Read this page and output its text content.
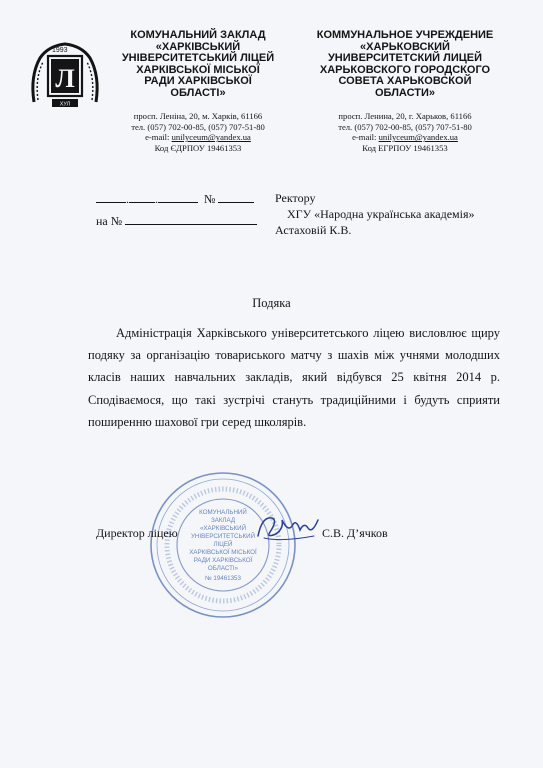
Л
1993
ХУЛ

КОМУНАЛЬНИЙ ЗАКЛАД
«ХАРКІВСЬКИЙ
УНІВЕРСИТЕТСЬКИЙ ЛІЦЕЙ
ХАРКІВСЬКОЇ МІСЬКОЇ
РАДИ ХАРКІВСЬКОЇ
ОБЛАСТІ»

просп. Леніна, 20, м. Харків, 61166
тел. (057) 702-00-85, (057) 707-51-80
e-mail: unilyceum@yandex.ua
Код ЄДРПОУ 19461353

КОММУНАЛЬНОЕ УЧРЕЖДЕНИЕ
«ХАРЬКОВСКИЙ
УНИВЕРСИТЕТСКИЙ ЛИЦЕЙ
ХАРЬКОВСКОГО ГОРОДСКОГО
СОВЕТА ХАРЬКОВСКОЙ
ОБЛАСТИ»

просп. Ленина, 20, г. Харьков, 61166
тел. (057) 702-00-85, (057) 707-51-80
e-mail: unilyceum@yandex.ua
Код ЕГРПОУ 19461353
. .	№
на №
Ректору
ХГУ «Народна українська академія»
Астаховій К.В.
Подяка

Адміністрація Харківського університетського ліцею висловлює щиру подяку за організацію товариського матчу з шахів між учнями молодших класів наших навчальних закладів, який відбувся 25 квітня 2014 р. Сподіваємося, що такі зустрічі стануть традиційними і будуть сприяти поширенню шахової гри серед школярів.

КОМУНАЛЬНИЙ
ЗАКЛАД
«ХАРКІВСЬКИЙ
УНІВЕРСИТЕТСЬКИЙ
ЛІЦЕЙ
ХАРКІВСЬКОЇ МІСЬКОЇ
РАДИ ХАРКІВСЬКОЇ
ОБЛАСТІ»
№ 19461353
Директор ліцею	С.В. Д’ячков
